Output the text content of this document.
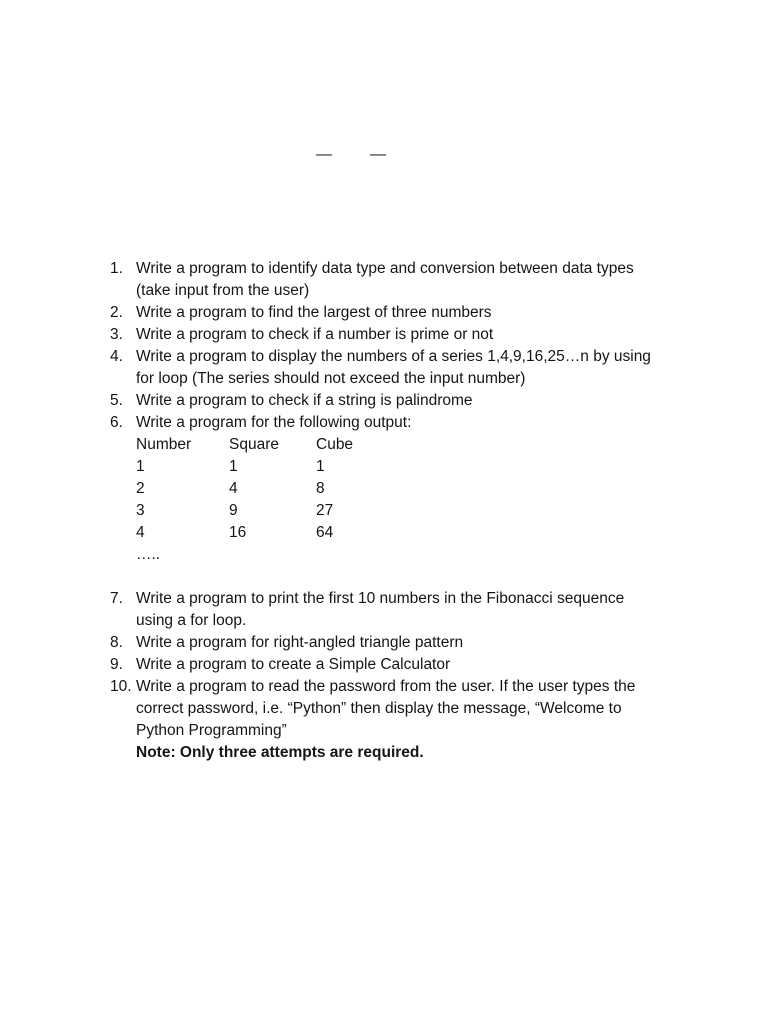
— —
1. Write a program to identify data type and conversion between data types
(take input from the user)
2. Write a program to find the largest of three numbers
3. Write a program to check if a number is prime or not
4. Write a program to display the numbers of a series 1,4,9,16,25…n by using
for loop (The series should not exceed the input number)
5. Write a program to check if a string is palindrome
6. Write a program for the following output:
Number	Square	Cube
1	1	1
2	4	8
3	9	27
4	16	64
…..
7. Write a program to print the first 10 numbers in the Fibonacci sequence
using a for loop.
8. Write a program for right-angled triangle pattern
9. Write a program to create a Simple Calculator
10. Write a program to read the password from the user. If the user types the
correct password, i.e. “Python” then display the message, “Welcome to
Python Programming”
Note: Only three attempts are required.
